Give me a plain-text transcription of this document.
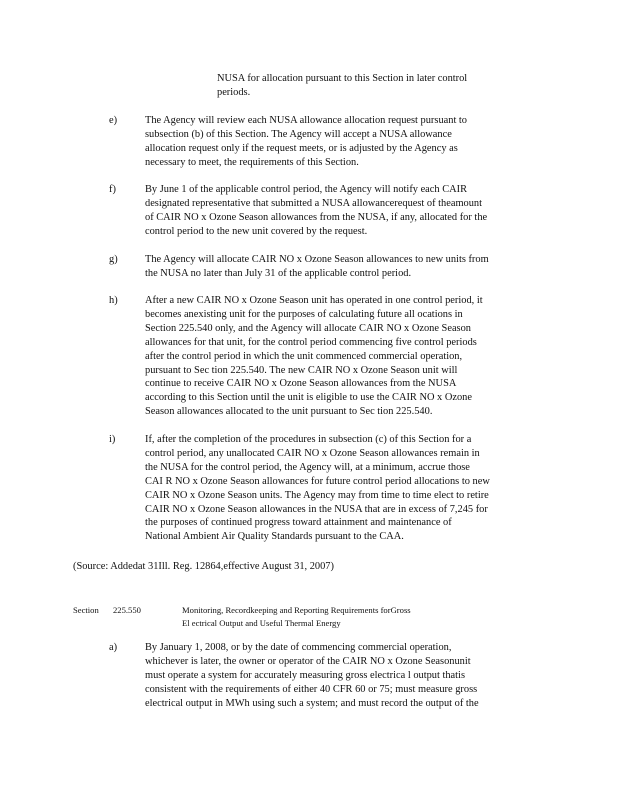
NUSA for allocation pursuant to this Section in later control
periods.
e)	The Agency will review each NUSA allowance allocation request pursuant to
subsection (b) of this Section. The Agency will accept a NUSA allowance
allocation request only if the request meets, or is adjusted by the Agency as
necessary to meet, the requirements of this Section.
f)	By June 1 of the applicable control period, the Agency will notify each CAIR
designated representative that submitted a NUSA allowancerequest of theamount
of CAIR NO x Ozone Season allowances from the NUSA, if any, allocated for the
control period to the new unit covered by the request.
g)	The Agency will allocate CAIR NO x Ozone Season allowances to new units from
the NUSA no later than July 31 of the applicable control period.
h)	After a new CAIR NO x Ozone Season unit has operated in one control period, it
becomes anexisting unit for the purposes of calculating future all ocations in
Section 225.540 only, and the Agency will allocate CAIR NO x Ozone Season
allowances for that unit, for the control period commencing five control periods
after the control period in which the unit commenced commercial operation,
pursuant to Sec tion 225.540. The new CAIR NO x Ozone Season unit will
continue to receive CAIR NO x Ozone Season allowances from the NUSA
according to this Section until the unit is eligible to use the CAIR NO x Ozone
Season allowances allocated to the unit pursuant to Sec tion 225.540.
i)	If, after the completion of the procedures in subsection (c) of this Section for a
control period, any unallocated CAIR NO x Ozone Season allowances remain in
the NUSA for the control period, the Agency will, at a minimum, accrue those
CAI R NO x Ozone Season allowances for future control period allocations to new
CAIR NO x Ozone Season units. The Agency may from time to time elect to retire
CAIR NO x Ozone Season allowances in the NUSA that are in excess of 7,245 for
the purposes of continued progress toward attainment and maintenance of
National Ambient Air Quality Standards pursuant to the CAA.
(Source: Addedat 31Ill. Reg. 12864,effective August 31, 2007)
Section 225.550	Monitoring, Recordkeeping and Reporting Requirements forGross
El ectrical Output and Useful Thermal Energy
a)	By January 1, 2008, or by the date of commencing commercial operation,
whichever is later, the owner or operator of the CAIR NO x Ozone Seasonunit
must operate a system for accurately measuring gross electrica l output thatis
consistent with the requirements of either 40 CFR 60 or 75; must measure gross
electrical output in MWh using such a system; and must record the output of the
